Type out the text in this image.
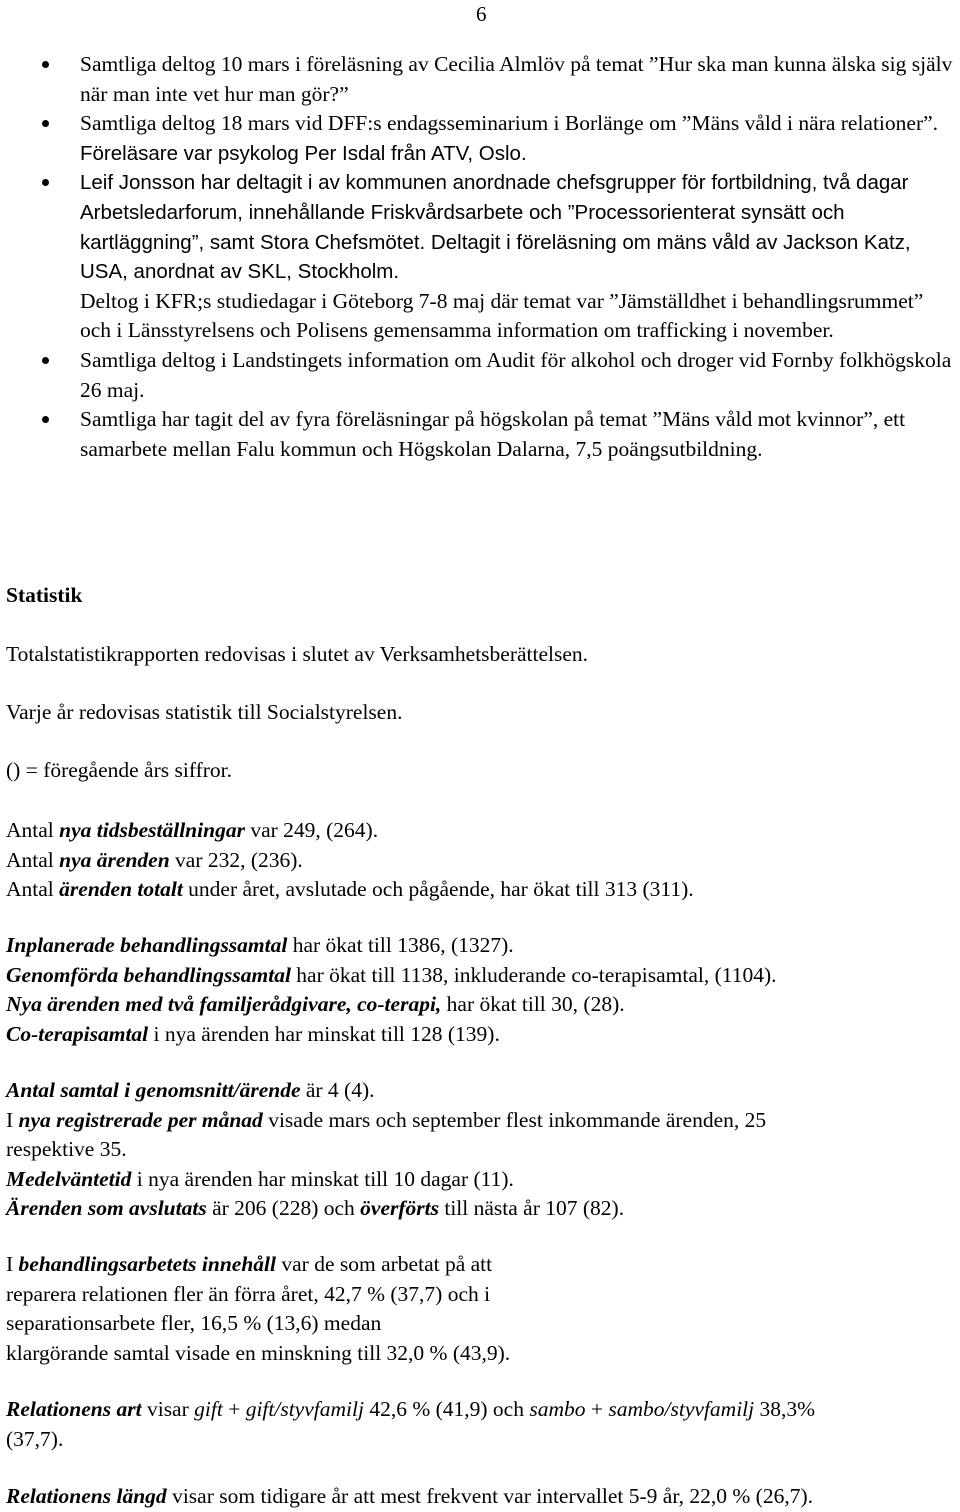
6
Samtliga deltog 10 mars i föreläsning av Cecilia Almlöv på temat ”Hur ska man kunna älska sig själv när man inte vet hur man gör?”
Samtliga deltog 18 mars vid DFF:s endagsseminarium i Borlänge om ”Mäns våld i nära relationer”. Föreläsare var psykolog Per Isdal från ATV, Oslo.
Leif Jonsson har deltagit i av kommunen anordnade chefsgrupper för fortbildning, två dagar Arbetsledarforum, innehållande Friskvårdsarbete och ”Processorienterat synsätt och kartläggning”, samt Stora Chefsmötet. Deltagit i föreläsning om mäns våld av Jackson Katz, USA, anordnat av SKL, Stockholm.
Deltog i KFR;s studiedagar i Göteborg 7-8 maj där temat var ”Jämställdhet i behandlingsrummet” och i Länsstyrelsens och Polisens gemensamma information om trafficking i november.
Samtliga deltog i Landstingets information om Audit för alkohol och droger vid Fornby folkhögskola 26 maj.
Samtliga har tagit del av fyra föreläsningar på högskolan på temat ”Mäns våld mot kvinnor”, ett samarbete mellan Falu kommun och Högskolan Dalarna, 7,5 poängsutbildning.
Statistik
Totalstatistikrapporten redovisas i slutet av Verksamhetsberättelsen.
Varje år redovisas statistik till Socialstyrelsen.
() = föregående års siffror.
Antal nya tidsbeställningar var 249, (264).
Antal nya ärenden var 232, (236).
Antal ärenden totalt under året, avslutade och pågående, har ökat till 313 (311).
Inplanerade behandlingssamtal har ökat till 1386, (1327).
Genomförda behandlingssamtal har ökat till 1138, inkluderande co-terapisamtal, (1104).
Nya ärenden med två familjerådgivare, co-terapi, har ökat till 30, (28).
Co-terapisamtal i nya ärenden har minskat till 128 (139).
Antal samtal i genomsnitt/ärende är 4 (4).
I nya registrerade per månad visade mars och september flest inkommande ärenden, 25
respektive 35.
Medelväntetid i nya ärenden har minskat till 10 dagar (11).
Ärenden som avslutats är 206 (228) och överförts till nästa år 107 (82).
I behandlingsarbetets innehåll var de som arbetat på att
reparera relationen fler än förra året, 42,7 % (37,7) och i
separationsarbete fler, 16,5 % (13,6) medan
klargörande samtal visade en minskning till 32,0 % (43,9).
Relationens art visar gift + gift/styvfamilj 42,6 % (41,9) och sambo + sambo/styvfamilj 38,3%
(37,7).
Relationens längd visar som tidigare år att mest frekvent var intervallet 5-9 år, 22,0 % (26,7).
